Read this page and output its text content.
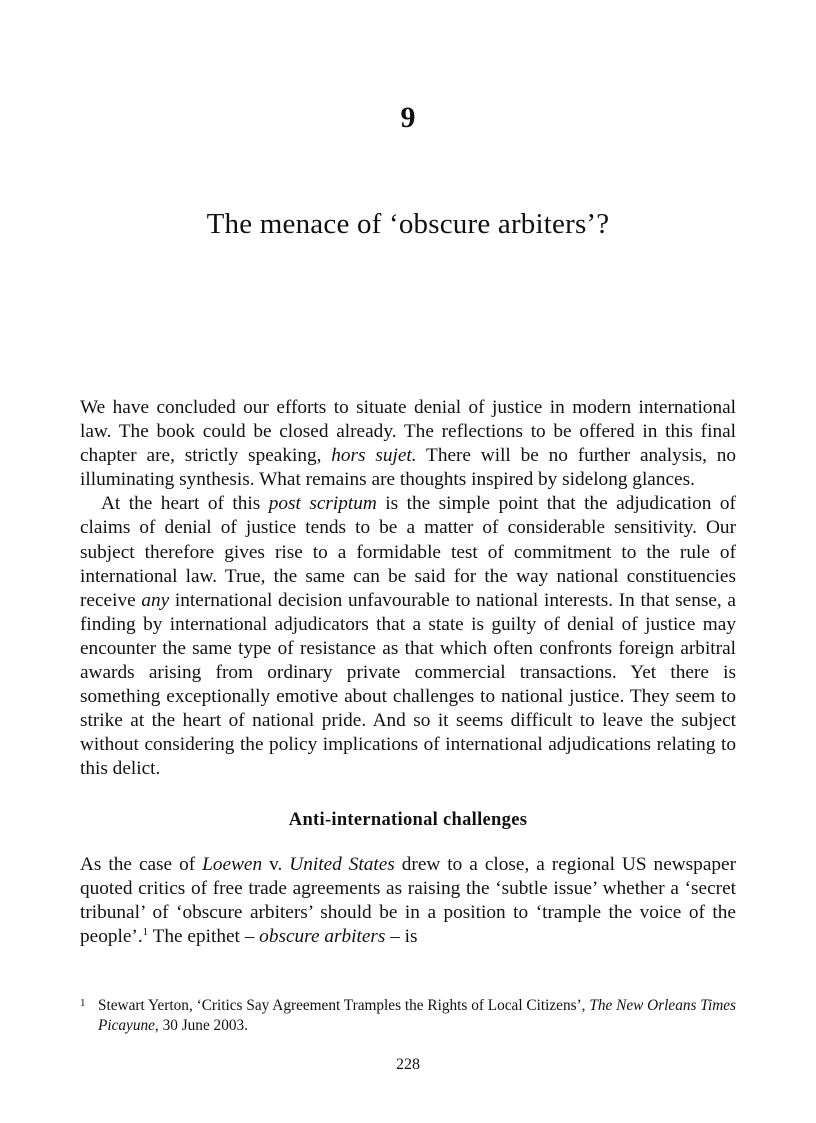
9
The menace of ‘obscure arbiters’?

We have concluded our efforts to situate denial of justice in modern international law. The book could be closed already. The reflections to be offered in this final chapter are, strictly speaking, hors sujet. There will be no further analysis, no illuminating synthesis. What remains are thoughts inspired by sidelong glances.

At the heart of this post scriptum is the simple point that the adjudication of claims of denial of justice tends to be a matter of considerable sensitivity. Our subject therefore gives rise to a formidable test of commitment to the rule of international law. True, the same can be said for the way national constituencies receive any international decision unfavourable to national interests. In that sense, a finding by international adjudicators that a state is guilty of denial of justice may encounter the same type of resistance as that which often confronts foreign arbitral awards arising from ordinary private commercial transactions. Yet there is something exceptionally emotive about challenges to national justice. They seem to strike at the heart of national pride. And so it seems difficult to leave the subject without considering the policy implications of international adjudications relating to this delict.

Anti-international challenges

As the case of Loewen v. United States drew to a close, a regional US newspaper quoted critics of free trade agreements as raising the ‘subtle issue’ whether a ‘secret tribunal’ of ‘obscure arbiters’ should be in a position to ‘trample the voice of the people’.$^1$ The epithet – obscure arbiters – is

1 Stewart Yerton, ‘Critics Say Agreement Tramples the Rights of Local Citizens’, The New Orleans Times Picayune, 30 June 2003.

228
